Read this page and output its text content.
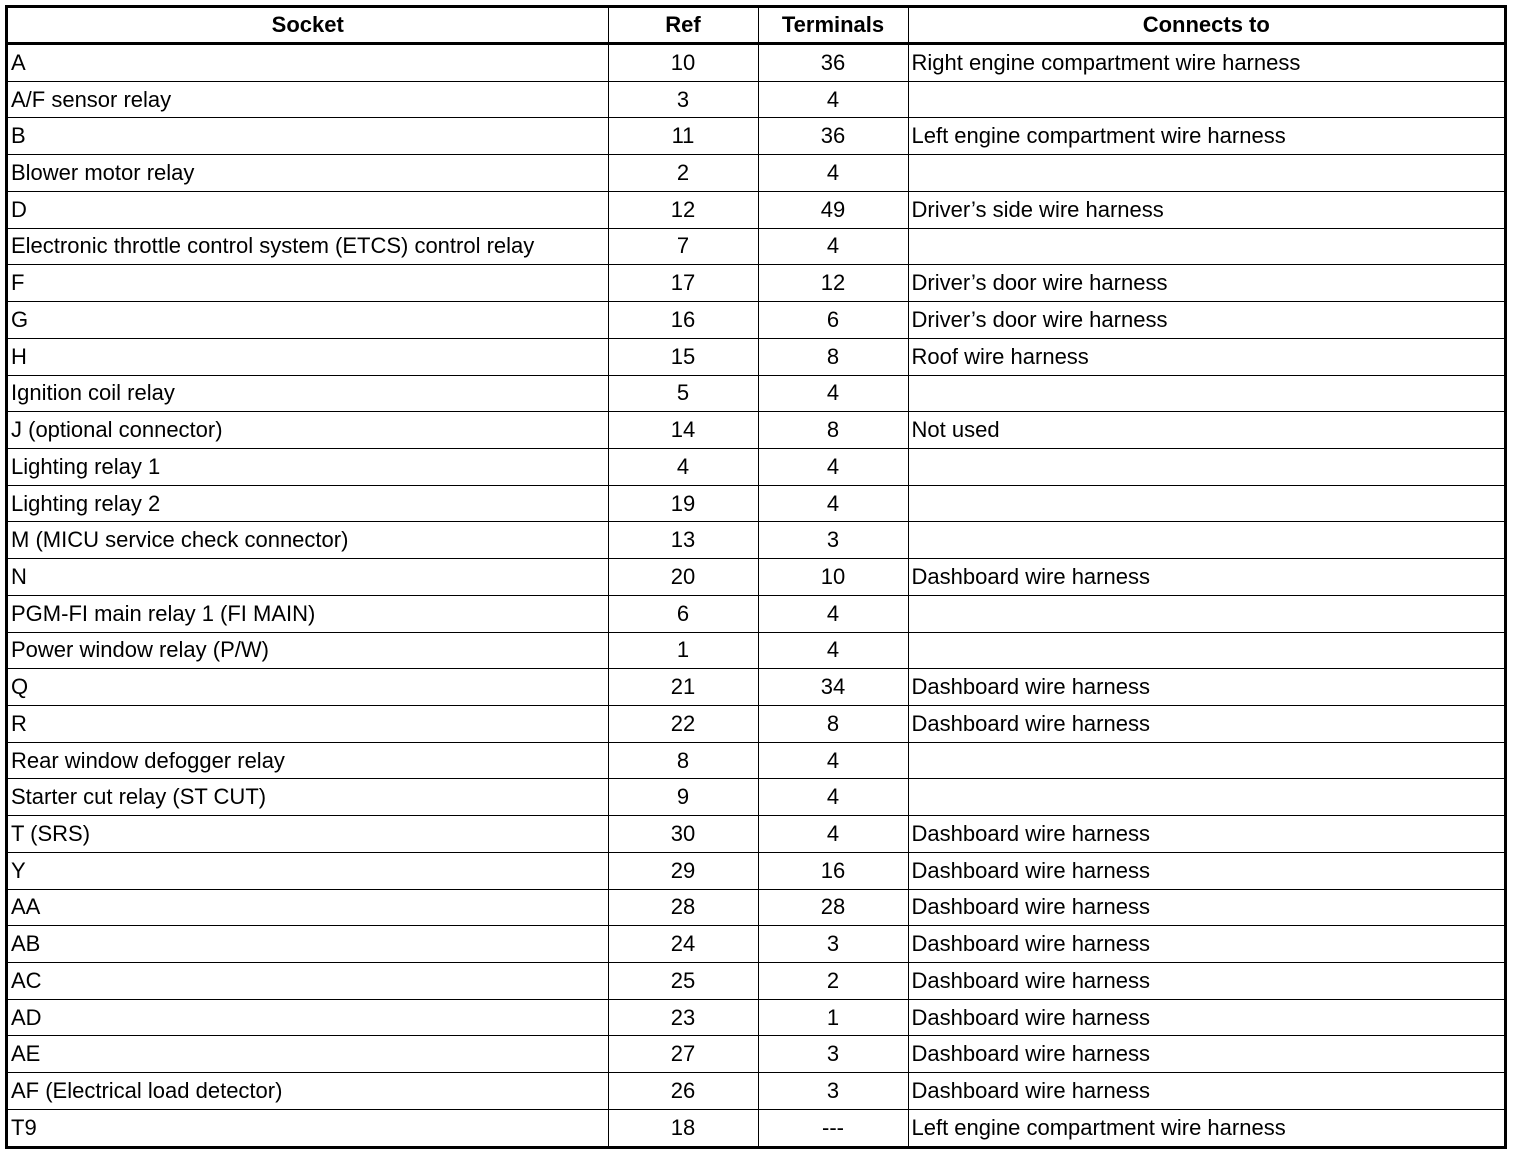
Socket	Ref	Terminals	Connects to
A	10	36	Right engine compartment wire harness
A/F sensor relay	3	4	
B	11	36	Left engine compartment wire harness
Blower motor relay	2	4	
D	12	49	Driver’s side wire harness
Electronic throttle control system (ETCS) control relay	7	4	
F	17	12	Driver’s door wire harness
G	16	6	Driver’s door wire harness
H	15	8	Roof wire harness
Ignition coil relay	5	4	
J (optional connector)	14	8	Not used
Lighting relay 1	4	4	
Lighting relay 2	19	4	
M (MICU service check connector)	13	3	
N	20	10	Dashboard wire harness
PGM-FI main relay 1 (FI MAIN)	6	4	
Power window relay (P/W)	1	4	
Q	21	34	Dashboard wire harness
R	22	8	Dashboard wire harness
Rear window defogger relay	8	4	
Starter cut relay (ST CUT)	9	4	
T (SRS)	30	4	Dashboard wire harness
Y	29	16	Dashboard wire harness
AA	28	28	Dashboard wire harness
AB	24	3	Dashboard wire harness
AC	25	2	Dashboard wire harness
AD	23	1	Dashboard wire harness
AE	27	3	Dashboard wire harness
AF (Electrical load detector)	26	3	Dashboard wire harness
T9	18	---	Left engine compartment wire harness
